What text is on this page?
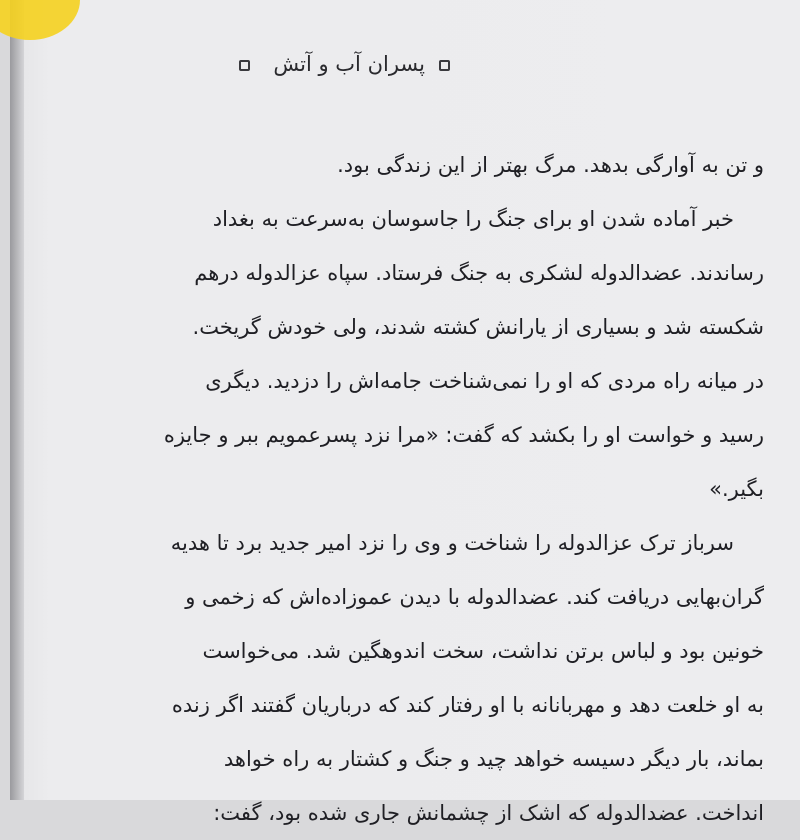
پسران آب و آتش
و تن به آوارگی بدهد. مرگ بهتر از این زندگی بود.
خبر آماده شدن او برای جنگ را جاسوسان به‌سرعت به بغداد
رساندند. عضدالدوله لشکری به جنگ فرستاد. سپاه عزالدوله درهم
شکسته شد و بسیاری از یارانش کشته شدند، ولی خودش گریخت.
در میانه راه مردی که او را نمی‌شناخت جامه‌اش را دزدید. دیگری
رسید و خواست او را بکشد که گفت: «مرا نزد پسرعمویم ببر و جایزه
بگیر.»
سرباز ترک عزالدوله را شناخت و وی را نزد امیر جدید برد تا هدیه
گران‌بهایی دریافت کند. عضدالدوله با دیدن عموزاده‌اش که زخمی و
خونین بود و لباس برتن نداشت، سخت اندوهگین شد. می‌خواست
به او خلعت دهد و مهربانانه با او رفتار کند که درباریان گفتند اگر زنده
بماند، بار دیگر دسیسه خواهد چید و جنگ و کشتار به راه خواهد
انداخت. عضدالدوله که اشک از چشمانش جاری شده بود، گفت:
